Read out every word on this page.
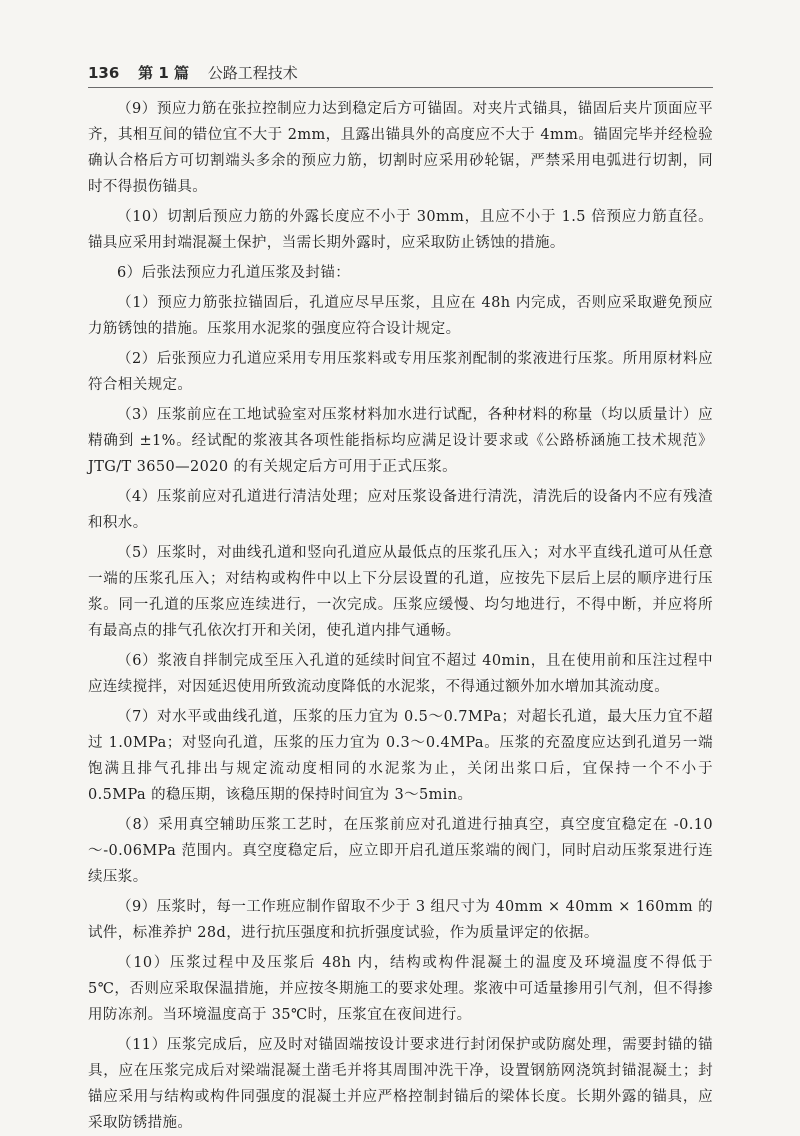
136 第 1 篇 公路工程技术

（9）预应力筋在张拉控制应力达到稳定后方可锚固。对夹片式锚具，锚固后夹片顶面应平齐，其相互间的错位宜不大于 2mm，且露出锚具外的高度应不大于 4mm。锚固完毕并经检验确认合格后方可切割端头多余的预应力筋，切割时应采用砂轮锯，严禁采用电弧进行切割，同时不得损伤锚具。

（10）切割后预应力筋的外露长度应不小于 30mm，且应不小于 1.5 倍预应力筋直径。锚具应采用封端混凝土保护，当需长期外露时，应采取防止锈蚀的措施。

6）后张法预应力孔道压浆及封锚：

（1）预应力筋张拉锚固后，孔道应尽早压浆，且应在 48h 内完成，否则应采取避免预应力筋锈蚀的措施。压浆用水泥浆的强度应符合设计规定。

（2）后张预应力孔道应采用专用压浆料或专用压浆剂配制的浆液进行压浆。所用原材料应符合相关规定。

（3）压浆前应在工地试验室对压浆材料加水进行试配，各种材料的称量（均以质量计）应精确到 ±1%。经试配的浆液其各项性能指标均应满足设计要求或《公路桥涵施工技术规范》JTG/T 3650—2020 的有关规定后方可用于正式压浆。

（4）压浆前应对孔道进行清洁处理；应对压浆设备进行清洗，清洗后的设备内不应有残渣和积水。

（5）压浆时，对曲线孔道和竖向孔道应从最低点的压浆孔压入；对水平直线孔道可从任意一端的压浆孔压入；对结构或构件中以上下分层设置的孔道，应按先下层后上层的顺序进行压浆。同一孔道的压浆应连续进行，一次完成。压浆应缓慢、均匀地进行，不得中断，并应将所有最高点的排气孔依次打开和关闭，使孔道内排气通畅。

（6）浆液自拌制完成至压入孔道的延续时间宜不超过 40min，且在使用前和压注过程中应连续搅拌，对因延迟使用所致流动度降低的水泥浆，不得通过额外加水增加其流动度。

（7）对水平或曲线孔道，压浆的压力宜为 0.5～0.7MPa；对超长孔道，最大压力宜不超过 1.0MPa；对竖向孔道，压浆的压力宜为 0.3～0.4MPa。压浆的充盈度应达到孔道另一端饱满且排气孔排出与规定流动度相同的水泥浆为止，关闭出浆口后，宜保持一个不小于 0.5MPa 的稳压期，该稳压期的保持时间宜为 3～5min。

（8）采用真空辅助压浆工艺时，在压浆前应对孔道进行抽真空，真空度宜稳定在 -0.10～-0.06MPa 范围内。真空度稳定后，应立即开启孔道压浆端的阀门，同时启动压浆泵进行连续压浆。

（9）压浆时，每一工作班应制作留取不少于 3 组尺寸为 40mm × 40mm × 160mm 的试件，标准养护 28d，进行抗压强度和抗折强度试验，作为质量评定的依据。

（10）压浆过程中及压浆后 48h 内，结构或构件混凝土的温度及环境温度不得低于 5℃，否则应采取保温措施，并应按冬期施工的要求处理。浆液中可适量掺用引气剂，但不得掺用防冻剂。当环境温度高于 35℃时，压浆宜在夜间进行。

（11）压浆完成后，应及时对锚固端按设计要求进行封闭保护或防腐处理，需要封锚的锚具，应在压浆完成后对梁端混凝土凿毛并将其周围冲洗干净，设置钢筋网浇筑封锚混凝土；封锚应采用与结构或构件同强度的混凝土并应严格控制封锚后的梁体长度。长期外露的锚具，应采取防锈措施。
